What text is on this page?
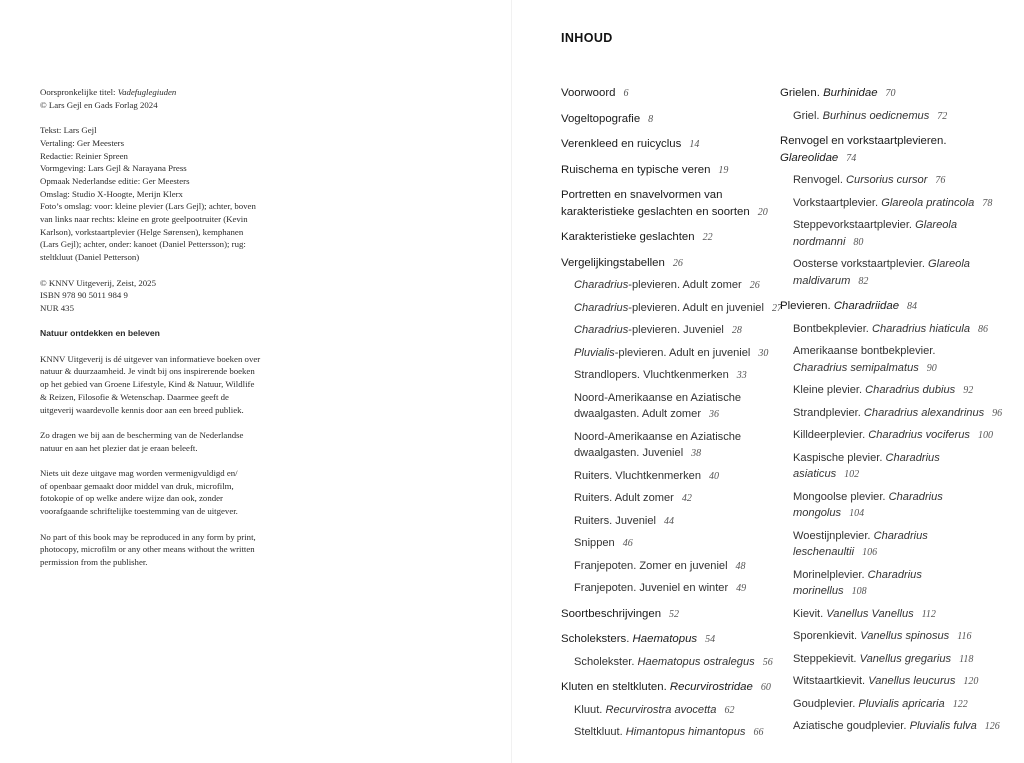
Oorspronkelijke titel: Vadefuglegiuden
© Lars Gejl en Gads Forlag 2024
Tekst: Lars Gejl
Vertaling: Ger Meesters
Redactie: Reinier Spreen
Vormgeving: Lars Gejl & Narayana Press
Opmaak Nederlandse editie: Ger Meesters
Omslag: Studio X-Hoogte, Merijn Klerx
Foto’s omslag: voor: kleine plevier (Lars Gejl); achter, boven
van links naar rechts: kleine en grote geelpootruiter (Kevin
Karlson), vorkstaartplevier (Helge Sørensen), kemphanen
(Lars Gejl); achter, onder: kanoet (Daniel Pettersson); rug:
steltkluut (Daniel Petterson)
© KNNV Uitgeverij, Zeist, 2025
ISBN 978 90 5011 984 9
NUR 435
Natuur ontdekken en beleven
KNNV Uitgeverij is dé uitgever van informatieve boeken over
natuur & duurzaamheid. Je vindt bij ons inspirerende boeken
op het gebied van Groene Lifestyle, Kind & Natuur, Wildlife
& Reizen, Filosofie & Wetenschap. Daarmee geeft de
uitgeverij waardevolle kennis door aan een breed publiek.
Zo dragen we bij aan de bescherming van de Nederlandse
natuur en aan het plezier dat je eraan beleeft.
Niets uit deze uitgave mag worden vermenigvuldigd en/
of openbaar gemaakt door middel van druk, microfilm,
fotokopie of op welke andere wijze dan ook, zonder
voorafgaande schriftelijke toestemming van de uitgever.
No part of this book may be reproduced in any form by print,
photocopy, microfilm or any other means without the written
permission from the publisher.
INHOUD
Voorwoord 6
Vogeltopografie 8
Verenkleed en ruicyclus 14
Ruischema en typische veren 19
Portretten en snavelvormen van
karakteristieke geslachten en soorten 20
Karakteristieke geslachten 22
Vergelijkingstabellen 26
Charadrius-plevieren. Adult zomer 26
Charadrius-plevieren. Adult en juveniel 27
Charadrius-plevieren. Juveniel 28
Pluvialis-plevieren. Adult en juveniel 30
Strandlopers. Vluchtkenmerken 33
Noord-Amerikaanse en Aziatische
dwaalgasten. Adult zomer 36
Noord-Amerikaanse en Aziatische
dwaalgasten. Juveniel 38
Ruiters. Vluchtkenmerken 40
Ruiters. Adult zomer 42
Ruiters. Juveniel 44
Snippen 46
Franjepoten. Zomer en juveniel 48
Franjepoten. Juveniel en winter 49
Soortbeschrijvingen 52
Scholeksters. Haematopus 54
Scholekster. Haematopus ostralegus 56
Kluten en steltkluten. Recurvirostridae 60
Kluut. Recurvirostra avocetta 62
Steltkluut. Himantopus himantopus 66
Grielen. Burhinidae 70
Griel. Burhinus oedicnemus 72
Renvogel en vorkstaartplevieren.
Glareolidae 74
Renvogel. Cursorius cursor 76
Vorkstaartplevier. Glareola pratincola 78
Steppevorkstaartplevier. Glareola
nordmanni 80
Oosterse vorkstaartplevier. Glareola
maldivarum 82
Plevieren. Charadriidae 84
Bontbekplevier. Charadrius hiaticula 86
Amerikaanse bontbekplevier.
Charadrius semipalmatus 90
Kleine plevier. Charadrius dubius 92
Strandplevier. Charadrius alexandrinus 96
Killdeerplevier. Charadrius vociferus 100
Kaspische plevier. Charadrius
asiaticus 102
Mongoolse plevier. Charadrius
mongolus 104
Woestijnplevier. Charadrius
leschenaultii 106
Morinelplevier. Charadrius
morinellus 108
Kievit. Vanellus Vanellus 112
Sporenkievit. Vanellus spinosus 116
Steppekievit. Vanellus gregarius 118
Witstaartkievit. Vanellus leucurus 120
Goudplevier. Pluvialis apricaria 122
Aziatische goudplevier. Pluvialis fulva 126
